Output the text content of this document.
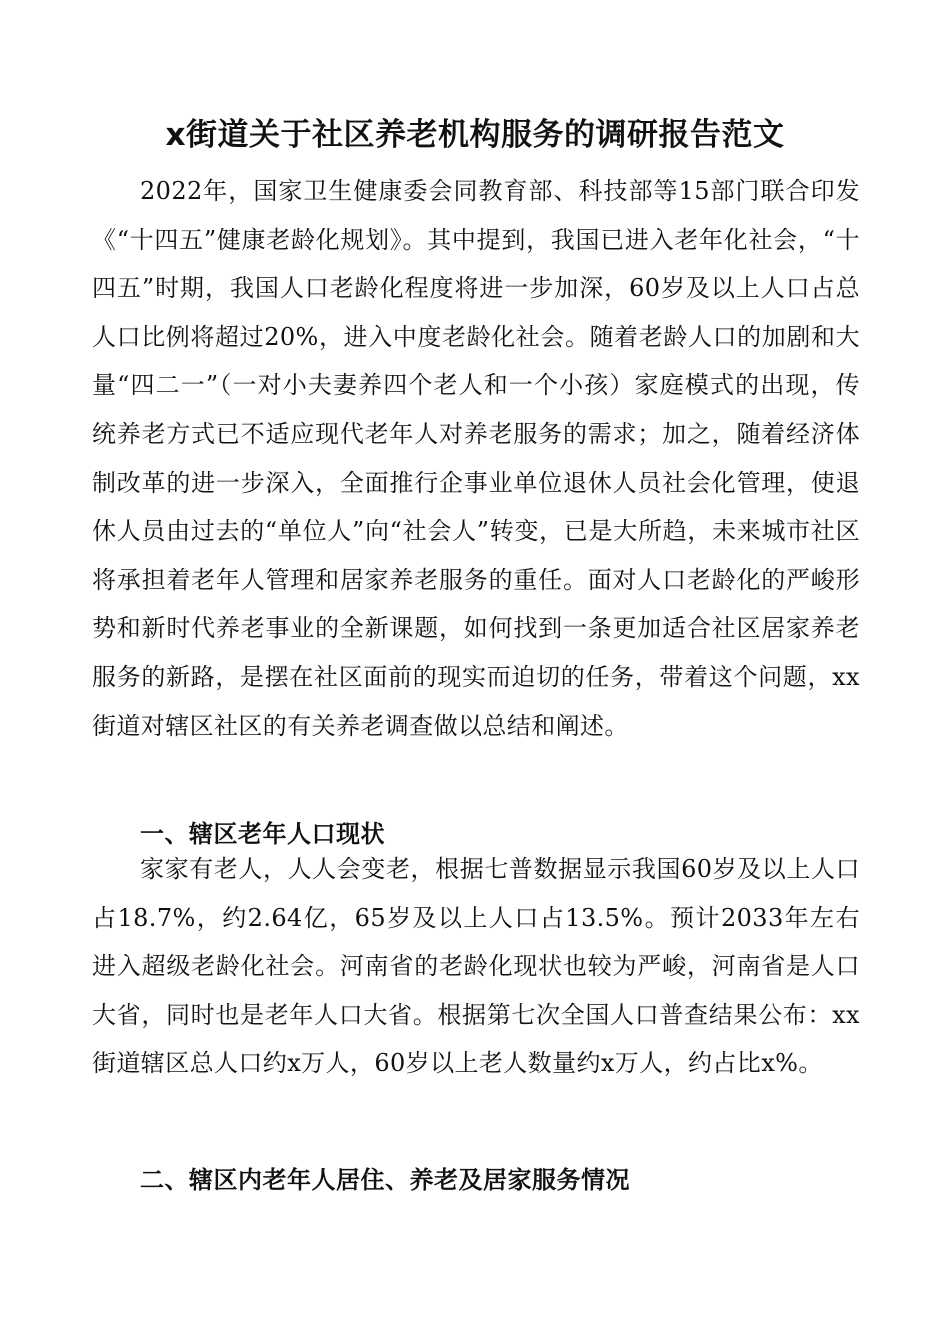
x街道关于社区养老机构服务的调研报告范文

2022年，国家卫生健康委会同教育部、科技部等15部门联合印发《“十四五”健康老龄化规划》。其中提到，我国已进入老年化社会，“十四五”时期，我国人口老龄化程度将进一步加深，60岁及以上人口占总人口比例将超过20%，进入中度老龄化社会。随着老龄人口的加剧和大量“四二一”（一对小夫妻养四个老人和一个小孩）家庭模式的出现，传统养老方式已不适应现代老年人对养老服务的需求；加之，随着经济体制改革的进一步深入，全面推行企事业单位退休人员社会化管理，使退休人员由过去的“单位人”向“社会人”转变，已是大所趋，未来城市社区将承担着老年人管理和居家养老服务的重任。面对人口老龄化的严峻形势和新时代养老事业的全新课题，如何找到一条更加适合社区居家养老服务的新路，是摆在社区面前的现实而迫切的任务，带着这个问题，xx街道对辖区社区的有关养老调查做以总结和阐述。

一、辖区老年人口现状

家家有老人，人人会变老，根据七普数据显示我国60岁及以上人口占18.7%，约2.64亿，65岁及以上人口占13.5%。预计2033年左右进入超级老龄化社会。河南省的老龄化现状也较为严峻，河南省是人口大省，同时也是老年人口大省。根据第七次全国人口普查结果公布：xx街道辖区总人口约x万人，60岁以上老人数量约x万人，约占比x%。

二、辖区内老年人居住、养老及居家服务情况
